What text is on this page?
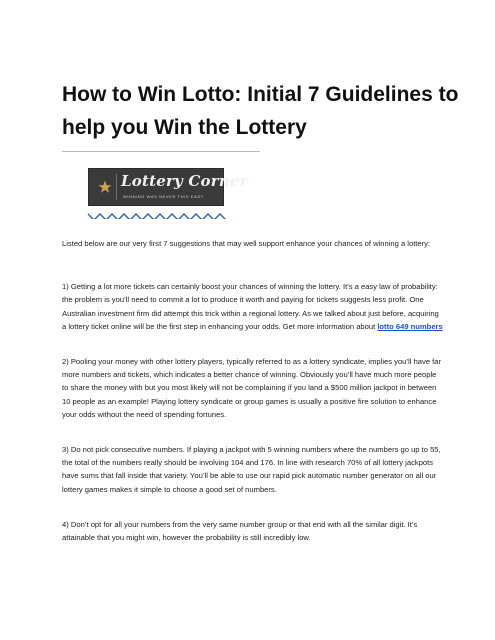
How to Win Lotto: Initial 7 Guidelines to help you Win the Lottery
Lottery Corner
WINNING WAS NEVER THIS EASY

Listed below are our very first 7 suggestions that may well support enhance your chances of winning a lottery:

1) Getting a lot more tickets can certainly boost your chances of winning the lottery. It’s a easy law of probability: the problem is you’ll need to commit a lot to produce it worth and paying for tickets suggests less profit. One Australian investment firm did attempt this trick within a regional lottery. As we talked about just before, acquiring a lottery ticket online will be the first step in enhancing your odds. Get more information about lotto 649 numbers

2) Pooling your money with other lottery players, typically referred to as a lottery syndicate, implies you’ll have far more numbers and tickets, which indicates a better chance of winning. Obviously you’ll have much more people to share the money with but you most likely will not be complaining if you land a $500 million jackpot in between 10 people as an example! Playing lottery syndicate or group games is usually a positive fire solution to enhance your odds without the need of spending fortunes.

3) Do not pick consecutive numbers. If playing a jackpot with 5 winning numbers where the numbers go up to 55, the total of the numbers really should be involving 104 and 176. In line with research 70% of all lottery jackpots have sums that fall inside that variety. You’ll be able to use our rapid pick automatic number generator on all our lottery games makes it simple to choose a good set of numbers.

4) Don’t opt for all your numbers from the very same number group or that end with all the similar digit. It’s attainable that you might win, however the probability is still incredibly low.
